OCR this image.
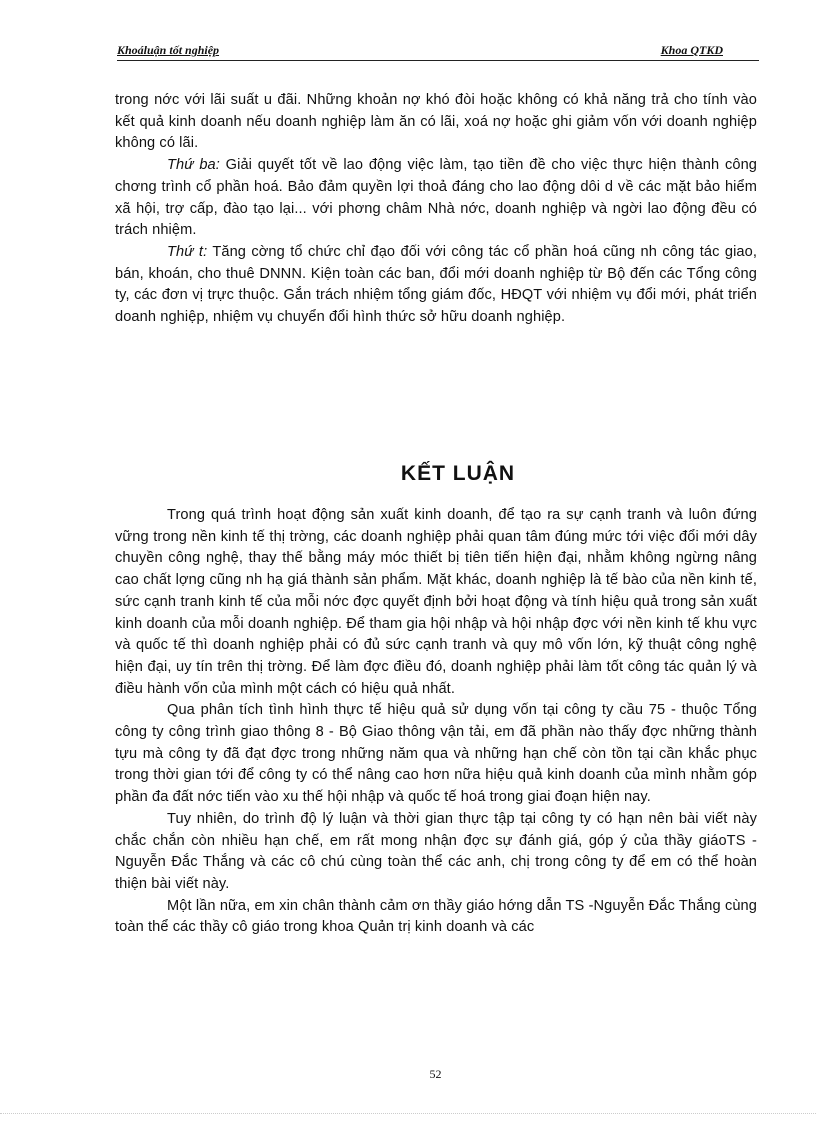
Khoáluận tốt nghiệp	Khoa QTKD

trong nớc với lãi suất u đãi. Những khoản nợ khó đòi hoặc không có khả năng trả cho tính vào kết quả kinh doanh nếu doanh nghiệp làm ăn có lãi, xoá nợ hoặc ghi giảm vốn với doanh nghiệp không có lãi.

Thứ ba: Giải quyết tốt về lao động việc làm, tạo tiền đề cho việc thực hiện thành công chơng trình cổ phần hoá. Bảo đảm quyền lợi thoả đáng cho lao động dôi d về các mặt bảo hiểm xã hội, trợ cấp, đào tạo lại... với phơng châm Nhà nớc, doanh nghiệp và ngời lao động đều có trách nhiệm.

Thứ t: Tăng cờng tổ chức chỉ đạo đối với công tác cổ phần hoá cũng nh công tác giao, bán, khoán, cho thuê DNNN. Kiện toàn các ban, đổi mới doanh nghiệp từ Bộ đến các Tổng công ty, các đơn vị trực thuộc. Gắn trách nhiệm tổng giám đốc, HĐQT với nhiệm vụ đổi mới, phát triển doanh nghiệp, nhiệm vụ chuyển đổi hình thức sở hữu doanh nghiệp.

KẾT LUẬN

Trong quá trình hoạt động sản xuất kinh doanh, để tạo ra sự cạnh tranh và luôn đứng vững trong nền kinh tế thị trờng, các doanh nghiệp phải quan tâm đúng mức tới việc đổi mới dây chuyền công nghệ, thay thế bằng máy móc thiết bị tiên tiến hiện đại, nhằm không ngừng nâng cao chất lợng cũng nh hạ giá thành sản phẩm. Mặt khác, doanh nghiệp là tế bào của nền kinh tế, sức cạnh tranh kinh tế của mỗi nớc đợc quyết định bởi hoạt động và tính hiệu quả trong sản xuất kinh doanh của mỗi doanh nghiệp. Để tham gia hội nhập và hội nhập đợc với nền kinh tế khu vực và quốc tế thì doanh nghiệp phải có đủ sức cạnh tranh và quy mô vốn lớn, kỹ thuật công nghệ hiện đại, uy tín trên thị trờng. Để làm đợc điều đó, doanh nghiệp phải làm tốt công tác quản lý và điều hành vốn của mình một cách có hiệu quả nhất.

Qua phân tích tình hình thực tế hiệu quả sử dụng vốn tại công ty cầu 75 - thuộc Tổng công ty công trình giao thông 8 - Bộ Giao thông vận tải, em đã phần nào thấy đợc những thành tựu mà công ty đã đạt đợc trong những năm qua và những hạn chế còn tồn tại cần khắc phục trong thời gian tới để công ty có thể nâng cao hơn nữa hiệu quả kinh doanh của mình nhằm góp phần đa đất nớc tiến vào xu thế hội nhập và quốc tế hoá trong giai đoạn hiện nay.

Tuy nhiên, do trình độ lý luận và thời gian thực tập tại công ty có hạn nên bài viết này chắc chắn còn nhiều hạn chế, em rất mong nhận đợc sự đánh giá, góp ý của thầy giáoTS - Nguyễn Đắc Thắng và các cô chú cùng toàn thể các anh, chị trong công ty để em có thể hoàn thiện bài viết này.

Một lần nữa, em xin chân thành cảm ơn thầy giáo hớng dẫn TS -Nguyễn Đắc Thắng cùng toàn thể các thầy cô giáo trong khoa Quản trị kinh doanh và các

52
